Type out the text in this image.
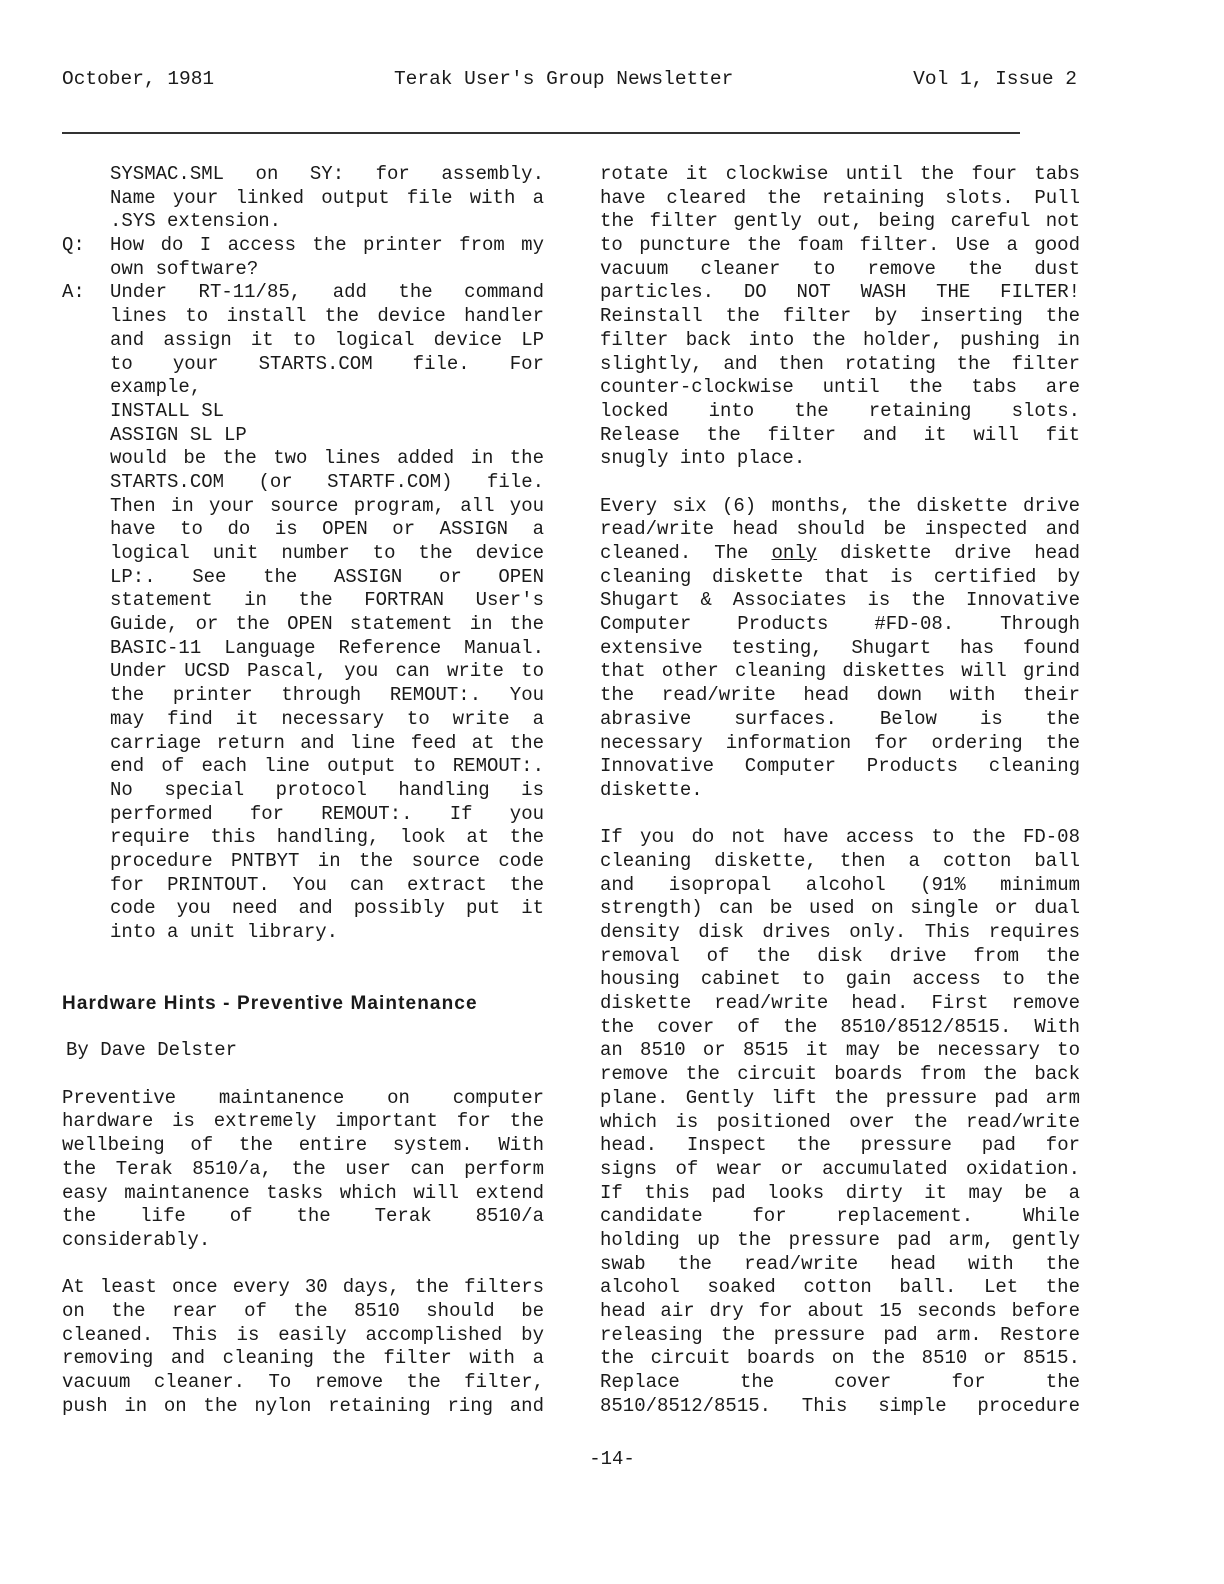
October, 1981	Terak User's Group Newsletter	Vol 1, Issue 2
SYSMAC.SML on SY: for assembly.
Name your linked output file with a
.SYS extension.
Q: How do I access the printer from my
own software?
A: Under RT-11/85, add the command
lines to install the device handler
and assign it to logical device LP
to your STARTS.COM file. For
example,
INSTALL SL
ASSIGN SL LP
would be the two lines added in the
STARTS.COM (or STARTF.COM) file.
Then in your source program, all you
have to do is OPEN or ASSIGN a
logical unit number to the device
LP:. See the ASSIGN or OPEN
statement in the FORTRAN User's
Guide, or the OPEN statement in the
BASIC-11 Language Reference Manual.
Under UCSD Pascal, you can write to
the printer through REMOUT:. You
may find it necessary to write a
carriage return and line feed at the
end of each line output to REMOUT:.
No special protocol handling is
performed for REMOUT:. If you
require this handling, look at the
procedure PNTBYT in the source code
for PRINTOUT. You can extract the
code you need and possibly put it
into a unit library.
Hardware Hints - Preventive Maintenance
By Dave Delster
Preventive maintanence on computer
hardware is extremely important for the
wellbeing of the entire system. With
the Terak 8510/a, the user can perform
easy maintanence tasks which will extend
the life of the Terak 8510/a
considerably.
At least once every 30 days, the filters
on the rear of the 8510 should be
cleaned. This is easily accomplished by
removing and cleaning the filter with a
vacuum cleaner. To remove the filter,
push in on the nylon retaining ring and
rotate it clockwise until the four tabs
have cleared the retaining slots. Pull
the filter gently out, being careful not
to puncture the foam filter. Use a good
vacuum cleaner to remove the dust
particles. DO NOT WASH THE FILTER!
Reinstall the filter by inserting the
filter back into the holder, pushing in
slightly, and then rotating the filter
counter-clockwise until the tabs are
locked into the retaining slots.
Release the filter and it will fit
snugly into place.
Every six (6) months, the diskette drive
read/write head should be inspected and
cleaned. The only diskette drive head
cleaning diskette that is certified by
Shugart & Associates is the Innovative
Computer Products #FD-08. Through
extensive testing, Shugart has found
that other cleaning diskettes will grind
the read/write head down with their
abrasive surfaces. Below is the
necessary information for ordering the
Innovative Computer Products cleaning
diskette.
If you do not have access to the FD-08
cleaning diskette, then a cotton ball
and isopropal alcohol (91% minimum
strength) can be used on single or dual
density disk drives only. This requires
removal of the disk drive from the
housing cabinet to gain access to the
diskette read/write head. First remove
the cover of the 8510/8512/8515. With
an 8510 or 8515 it may be necessary to
remove the circuit boards from the back
plane. Gently lift the pressure pad arm
which is positioned over the read/write
head. Inspect the pressure pad for
signs of wear or accumulated oxidation.
If this pad looks dirty it may be a
candidate for replacement. While
holding up the pressure pad arm, gently
swab the read/write head with the
alcohol soaked cotton ball. Let the
head air dry for about 15 seconds before
releasing the pressure pad arm. Restore
the circuit boards on the 8510 or 8515.
Replace the cover for the
8510/8512/8515. This simple procedure
-14-
